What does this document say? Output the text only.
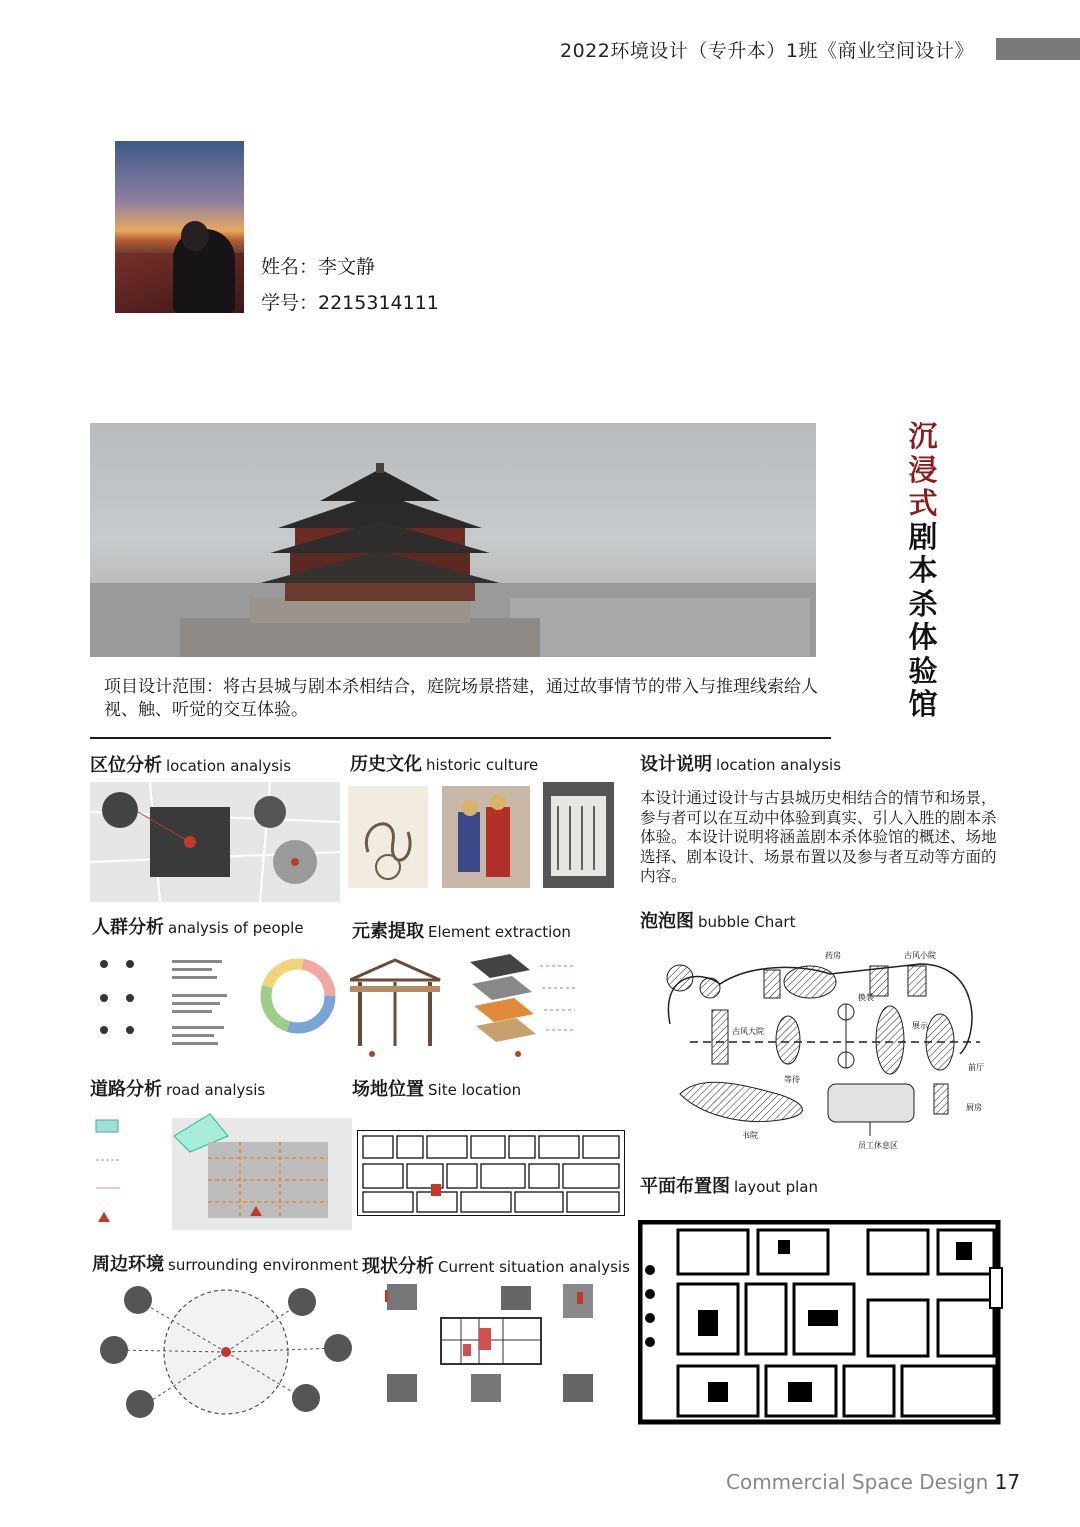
2022环境设计（专升本）1班《商业空间设计》
姓名：李文静
学号：2215314111
沉
浸
式
剧
本
杀
体
验
馆
项目设计范围：将古县城与剧本杀相结合，庭院场景搭建，通过故事情节的带入与推理线索给人视、触、听觉的交互体验。
区位分析 location analysis	历史文化 historic culture	设计说明 location analysis
本设计通过设计与古县城历史相结合的情节和场景，参与者可以在互动中体验到真实、引人入胜的剧本杀体验。本设计说明将涵盖剧本杀体验馆的概述、场地选择、剧本设计、场景布置以及参与者互动等方面的内容。
人群分析 analysis of people	元素提取 Element extraction	泡泡图 bubble Chart
药房	古风小院
换装
古风大院
展示
等待
前厅
书院
厨房
员工休息区
道路分析 road analysis	场地位置 Site location
平面布置图 layout plan
周边环境 surrounding environment 现状分析 Current situation analysis
Commercial Space Design 17
